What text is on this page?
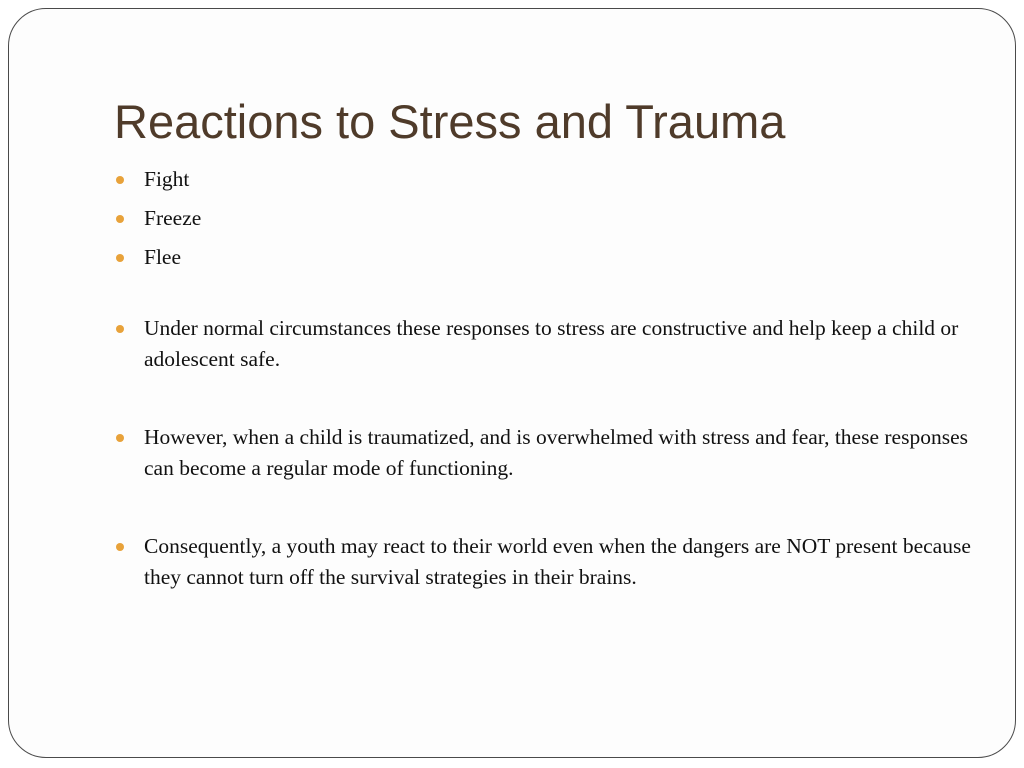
Reactions to Stress and Trauma
Fight
Freeze
Flee
Under normal circumstances these responses to stress are constructive and help keep a child or adolescent safe.
However, when a child is traumatized, and is overwhelmed with stress and fear, these responses can become a regular mode of functioning.
Consequently, a youth may react to their world even when the dangers are NOT present because they cannot turn off the survival strategies in their brains.
